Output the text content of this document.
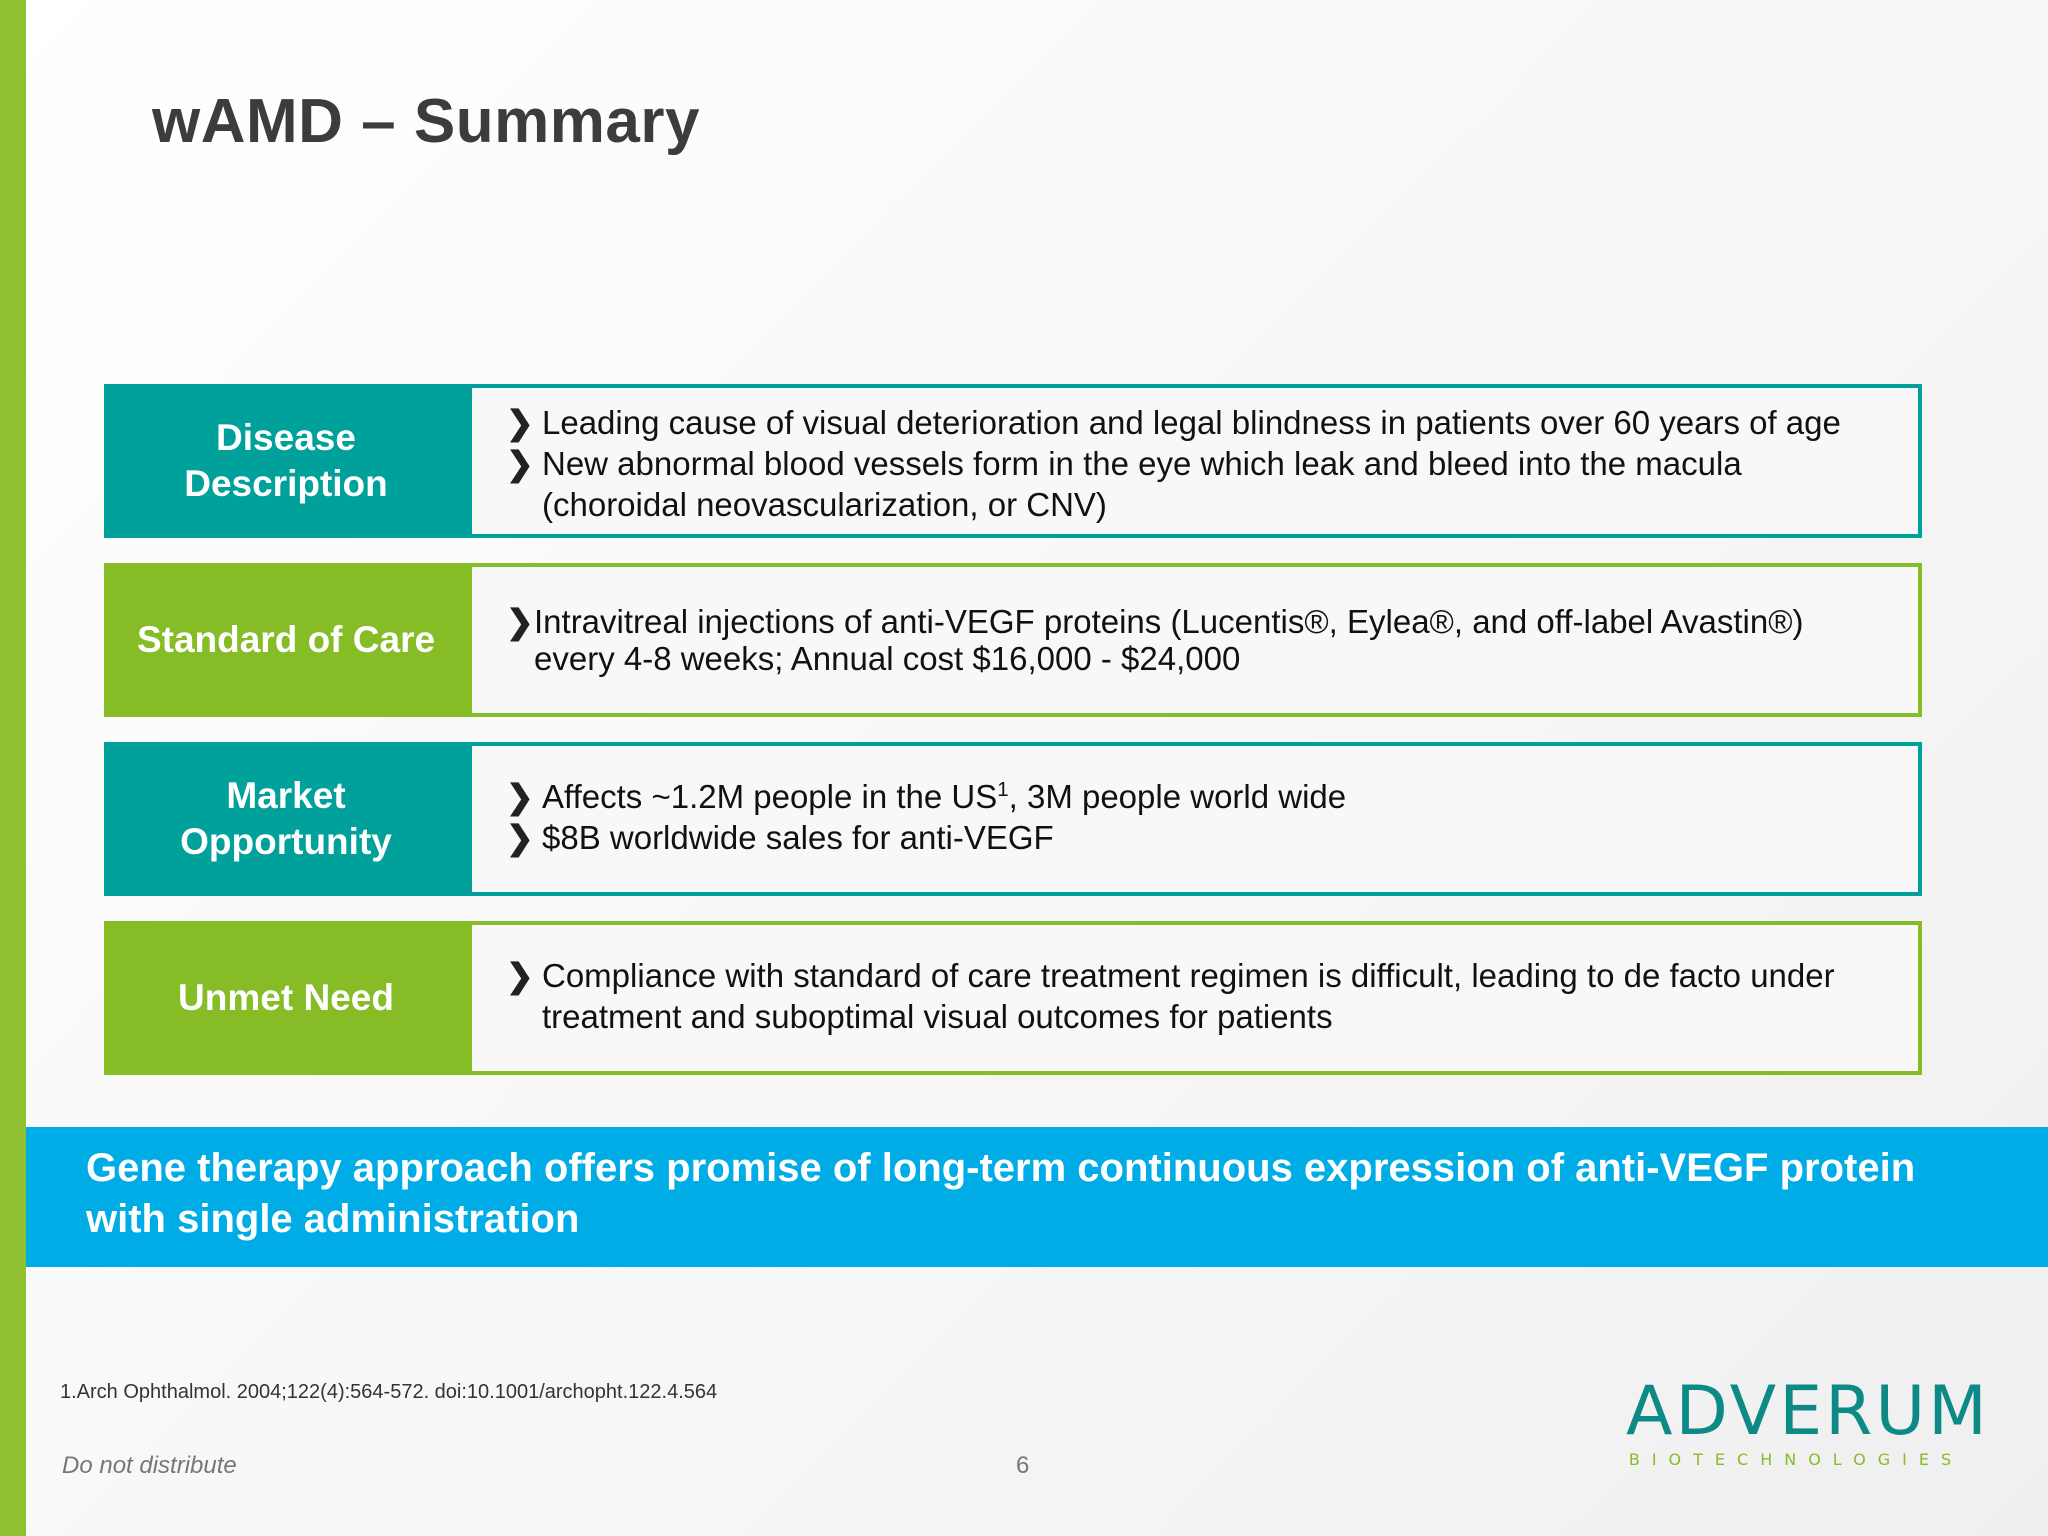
wAMD – Summary
Disease Description
❯ Leading cause of visual deterioration and legal blindness in patients over 60 years of age
❯ New abnormal blood vessels form in the eye which leak and bleed into the macula (choroidal neovascularization, or CNV)
Standard of Care ❯ Intravitreal injections of anti-VEGF proteins (Lucentis®, Eylea®, and off-label Avastin®) every 4-8 weeks; Annual cost $16,000 - $24,000
Market Opportunity
❯ Affects ~1.2M people in the $US^1$, 3M people world wide
❯ $8B worldwide sales for anti-VEGF
Unmet Need
❯ Compliance with standard of care treatment regimen is difficult, leading to de facto under treatment and suboptimal visual outcomes for patients
Gene therapy approach offers promise of long-term continuous expression of anti-VEGF protein with single administration
1.Arch Ophthalmol. 2004;122(4):564-572. doi:10.1001/archopht.122.4.564
Do not distribute	6
ADVERUM
BIOTECHNOLOGIES
